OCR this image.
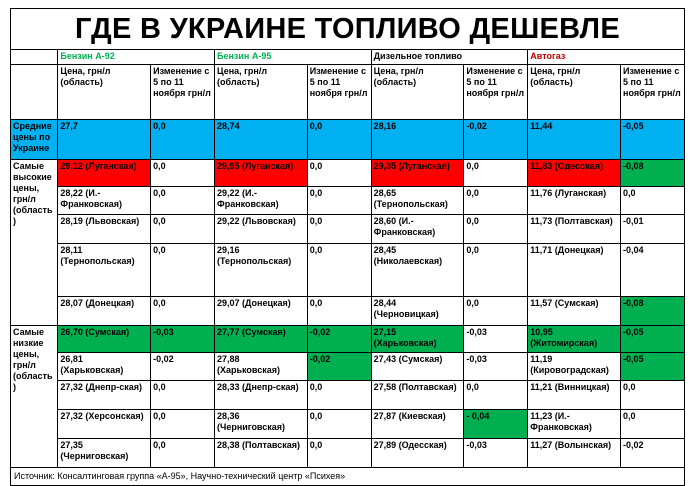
ГДЕ В УКРАИНЕ ТОПЛИВО ДЕШЕВЛЕ
	Бензин А-92		Бензин А-95		Дизельное топливо		Автогаз	
	Цена, грн/л (область)	Изменение с 5 по 11 ноября грн/л	Цена, грн/л (область)	Изменение с 5 по 11 ноября грн/л	Цена, грн/л (область)	Изменение с 5 по 11 ноября грн/л	Цена, грн/л (область)	Изменение с 5 по 11 ноября грн/л
Средние цены по Украине	27,7	0,0	28,74	0,0	28,16	-0,02	11,44	-0,05
Самые высокие цены, грн/л (область)	29,12 (Луганская)	0,0	29,95 (Луганская)	0,0	29,35 (Луганская)	0,0	11,83 (Одесская)	-0,08
	28,22 (И.-Франковская)	0,0	29,22 (И.-Франковская)	0,0	28,65 (Тернопольская)	0,0	11,76 (Луганская)	0,0
	28,19 (Львовская)	0,0	29,22 (Львовская)	0,0	28,60 (И.-Франковская)	0,0	11,73 (Полтавская)	-0,01
	28,11 (Тернопольская)	0,0	29,16 (Тернопольская)	0,0	28,45 (Николаевская)	0,0	11,71 (Донецкая)	-0,04
	28,07 (Донецкая)	0,0	29,07 (Донецкая)	0,0	28,44 (Черновицкая)	0,0	11,57 (Сумская)	-0,08
Самые низкие цены, грн/л (область)	26,70 (Сумская)	-0,03	27,77 (Сумская)	-0,02	27,15 (Харьковская)	-0,03	10,95 (Житомирская)	-0,05
	26,81 (Харьковская)	-0,02	27,88 (Харьковская)	-0,02	27,43 (Сумская)	-0,03	11,19 (Кировоградская)	-0,05
	27,32 (Днепр-ская)	0,0	28,33 (Днепр-ская)	0,0	27,58 (Полтавская)	0,0	11,21 (Винницкая)	0,0
	27,32 (Херсонская)	0,0	28,36 (Черниговская)	0,0	27,87 (Киевская)	- 0,04	11,23 (И.-Франковская)	0,0
	27,35 (Черниговская)	0,0	28,38 (Полтавская)	0,0	27,89 (Одесская)	-0,03	11,27 (Волынская)	-0,02
Источник: Консалтинговая группа «А-95», Научно-технический центр «Психея»
